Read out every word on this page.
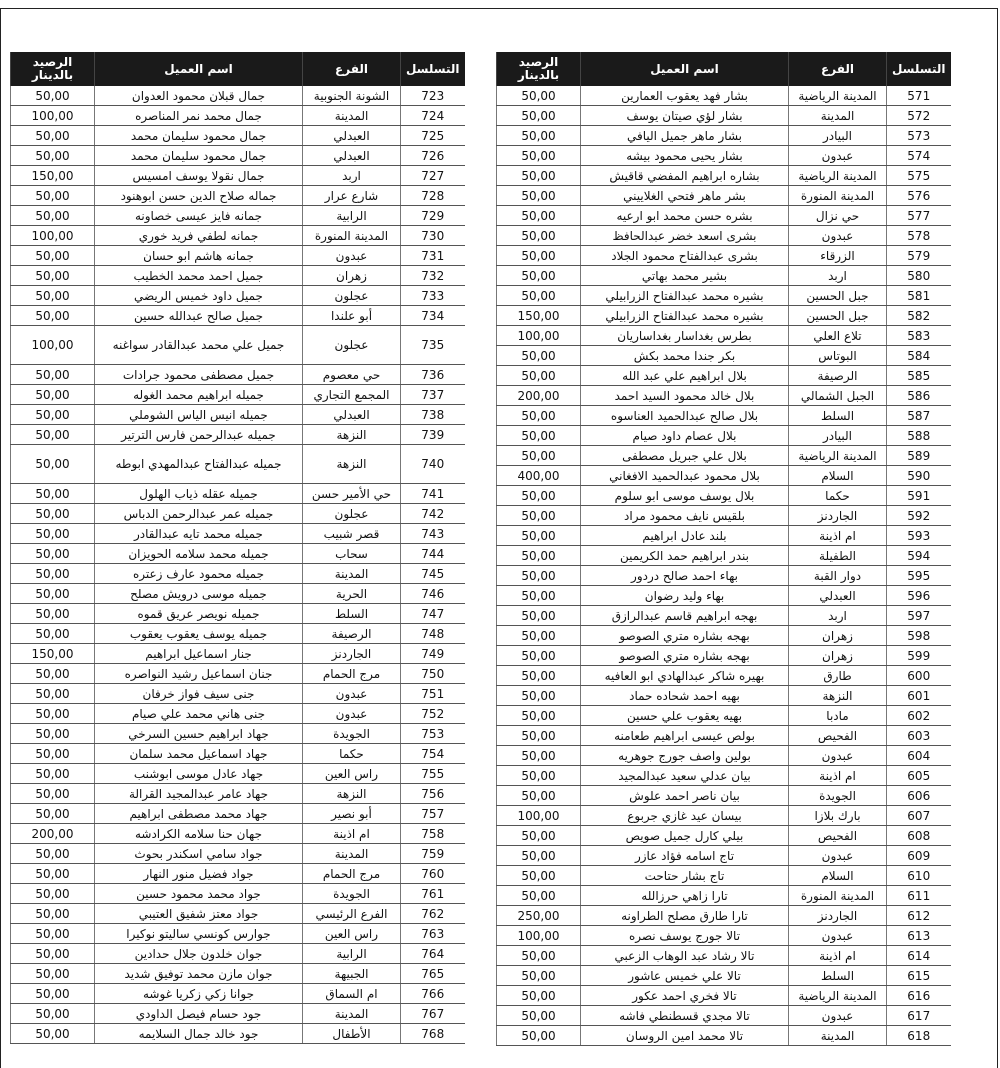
التسلسل	الفرع	اسم العميل	الرصيد بالدينار
723	الشونة الجنوبية	جمال قبلان محمود العدوان	50,00
724	المدينة	جمال محمد نمر المناصره	100,00
725	العبدلي	جمال محمود سليمان محمد	50,00
726	العبدلي	جمال محمود سليمان محمد	50,00
727	اربد	جمال نقولا يوسف امسيس	150,00
728	شارع عرار	جماله صلاح الدين حسن ابوهنود	50,00
729	الرابية	جمانه فايز عيسى خصاونه	50,00
730	المدينة المنورة	جمانه لطفي فريد خوري	100,00
731	عبدون	جمانه هاشم ابو حسان	50,00
732	زهران	جميل احمد محمد الخطيب	50,00
733	عجلون	جميل داود خميس الريضي	50,00
734	أبو علندا	جميل صالح عبدالله حسين	50,00
735	عجلون	جميل علي محمد عبدالقادر سواغنه	100,00
736	حي معصوم	جميل مصطفى محمود جرادات	50,00
737	المجمع التجاري	جميله ابراهيم محمد الغوله	50,00
738	العبدلي	جميله انيس الياس الشوملي	50,00
739	النزهة	جميله عبدالرحمن فارس الترتير	50,00
740	النزهة	جميله عبدالفتاح عبدالمهدي ابوطه	50,00
741	حي الأمير حسن	جميله عقله ذياب الهلول	50,00
742	عجلون	جميله عمر عبدالرحمن الدباس	50,00
743	قصر شبيب	جميله محمد تايه عبدالقادر	50,00
744	سحاب	جميله محمد سلامه الحويزان	50,00
745	المدينة	جميله محمود عارف زعتره	50,00
746	الحرية	جميله موسى درويش مصلح	50,00
747	السلط	جميله نويصر عريق قموه	50,00
748	الرصيفة	جميله يوسف يعقوب يعقوب	50,00
749	الجاردنز	جنار اسماعيل ابراهيم	150,00
750	مرج الحمام	جنان اسماعيل رشيد النواصره	50,00
751	عبدون	جنى سيف فواز خرفان	50,00
752	عبدون	جنى هاني محمد علي صيام	50,00
753	الجويدة	جهاد ابراهيم حسين السرخي	50,00
754	حكما	جهاد اسماعيل محمد سلمان	50,00
755	راس العين	جهاد عادل موسى ابوشنب	50,00
756	النزهة	جهاد عامر عبدالمجيد القرالة	50,00
757	أبو نصير	جهاد محمد مصطفى ابراهيم	50,00
758	ام اذينة	جهان حنا سلامه الكرادشه	200,00
759	المدينة	جواد سامي اسكندر بحوث	50,00
760	مرج الحمام	جواد فضيل منور النهار	50,00
761	الجويدة	جواد محمد محمود حسين	50,00
762	الفرع الرئيسي	جواد معتز شفيق العتيبي	50,00
763	راس العين	جوارس كونسي ساليتو نوكيرا	50,00
764	الرابية	جوان خلدون جلال حدادين	50,00
765	الجبيهة	جوان مازن محمد توفيق شديد	50,00
766	ام السماق	جوانا زكي زكريا غوشه	50,00
767	المدينة	جود حسام فيصل الداودي	50,00
768	الأطفال	جود خالد جمال السلايمه	50,00
التسلسل	الفرع	اسم العميل	الرصيد بالدينار
571	المدينة الرياضية	بشار فهد يعقوب العمارين	50,00
572	المدينة	بشار لؤي صيتان يوسف	50,00
573	البيادر	بشار ماهر جميل اليافي	50,00
574	عبدون	بشار يحيى محمود بيشه	50,00
575	المدينة الرياضية	بشاره ابراهيم المفضي قاقيش	50,00
576	المدينة المنورة	بشر ماهر فتحي الغلاييني	50,00
577	حي نزال	بشره حسن محمد ابو ارعيه	50,00
578	عبدون	بشرى اسعد خضر عبدالحافظ	50,00
579	الزرقاء	بشرى عبدالفتاح محمود الجلاد	50,00
580	اربد	بشير محمد بهاتي	50,00
581	جبل الحسين	بشيره محمد عبدالفتاح الزرابيلي	50,00
582	جبل الحسين	بشيره محمد عبدالفتاح الزرابيلي	150,00
583	تلاع العلي	بطرس بغداسار بغداساريان	100,00
584	البوتاس	بكر جندا محمد بكش	50,00
585	الرصيفة	بلال ابراهيم علي عبد الله	50,00
586	الجبل الشمالي	بلال خالد محمود السيد احمد	200,00
587	السلط	بلال صالح عبدالحميد العناسوه	50,00
588	البيادر	بلال عصام داود صيام	50,00
589	المدينة الرياضية	بلال علي جبريل مصطفى	50,00
590	السلام	بلال محمود عبدالحميد الافغاني	400,00
591	حكما	بلال يوسف موسى ابو سلوم	50,00
592	الجاردنز	بلقيس نايف محمود مراد	50,00
593	ام اذينة	بلند عادل ابراهيم	50,00
594	الطفيلة	بندر ابراهيم حمد الكريمين	50,00
595	دوار القبة	بهاء احمد صالح دردور	50,00
596	العبدلي	بهاء وليد رضوان	50,00
597	اربد	بهجه ابراهيم قاسم عبدالرازق	50,00
598	زهران	بهجه بشاره متري الصوصو	50,00
599	زهران	بهجه بشاره متري الصوصو	50,00
600	طارق	بهيره شاكر عبدالهادي ابو العافيه	50,00
601	النزهة	بهيه احمد شحاده حماد	50,00
602	مادبا	بهيه يعقوب علي حسين	50,00
603	الفحيص	بولص عيسى ابراهيم طعامنه	50,00
604	عبدون	بولين واصف جورج جوهريه	50,00
605	ام اذينة	بيان عدلي سعيد عبدالمجيد	50,00
606	الجويدة	بيان ناصر احمد علوش	50,00
607	بارك بلازا	بيسان عيد غازي جربوع	100,00
608	الفحيص	بيلي كارل جميل صويص	50,00
609	عبدون	تاج اسامه فؤاد عازر	50,00
610	السلام	تاج بشار حتاحت	50,00
611	المدينة المنورة	تارا زاهي حرزالله	50,00
612	الجاردنز	تارا طارق مصلح الطراونه	250,00
613	عبدون	تالا جورج يوسف نصره	100,00
614	ام اذينة	تالا رشاد عبد الوهاب الزعبي	50,00
615	السلط	تالا علي خميس عاشور	50,00
616	المدينة الرياضية	تالا فخري احمد عكور	50,00
617	عبدون	تالا مجدي قسطنطي فاشه	50,00
618	المدينة	تالا محمد امين الروسان	50,00
